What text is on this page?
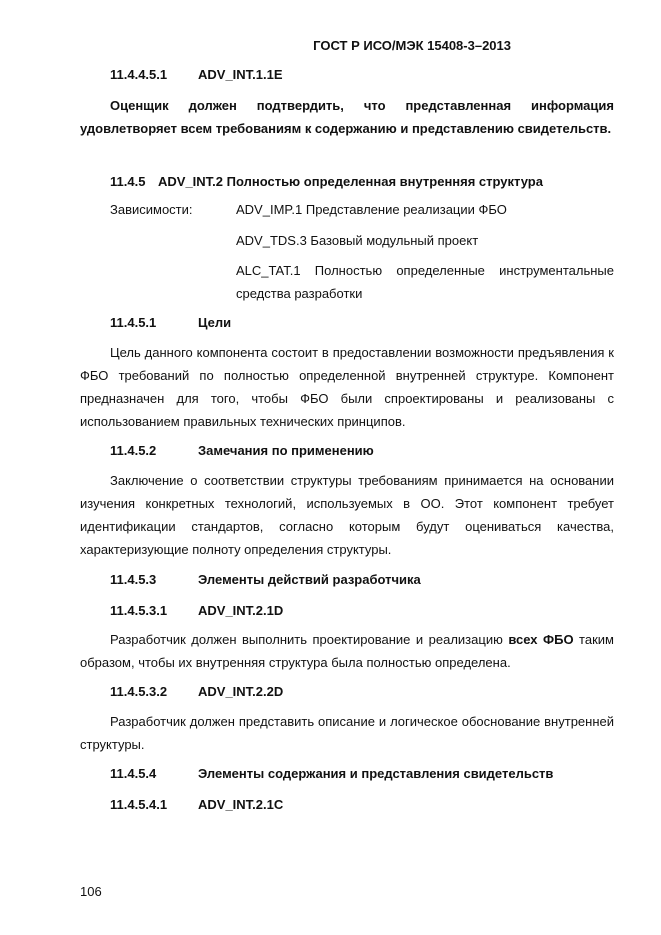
ГОСТ Р ИСО/МЭК 15408-3–2013
11.4.4.5.1 ADV_INT.1.1E
Оценщик должен подтвердить, что представленная информация удовлетворяет всем требованиям к содержанию и представлению свидетельств.
11.4.5 ADV_INT.2 Полностью определенная внутренняя структура
Зависимости:	ADV_IMP.1 Представление реализации ФБО
ADV_TDS.3 Базовый модульный проект
ALC_TAT.1 Полностью определенные инструментальные средства разработки
11.4.5.1	Цели
Цель данного компонента состоит в предоставлении возможности предъявления к ФБО требований по полностью определенной внутренней структуре. Компонент предназначен для того, чтобы ФБО были спроектированы и реализованы с использованием правильных технических принципов.
11.4.5.2	Замечания по применению
Заключение о соответствии структуры требованиям принимается на основании изучения конкретных технологий, используемых в ОО. Этот компонент требует идентификации стандартов, согласно которым будут оцениваться качества, характеризующие полноту определения структуры.
11.4.5.3	Элементы действий разработчика
11.4.5.3.1 ADV_INT.2.1D
Разработчик должен выполнить проектирование и реализацию всех ФБО таким образом, чтобы их внутренняя структура была полностью определена.
11.4.5.3.2 ADV_INT.2.2D
Разработчик должен представить описание и логическое обоснование внутренней структуры.
11.4.5.4	Элементы содержания и представления свидетельств
11.4.5.4.1 ADV_INT.2.1C
106
